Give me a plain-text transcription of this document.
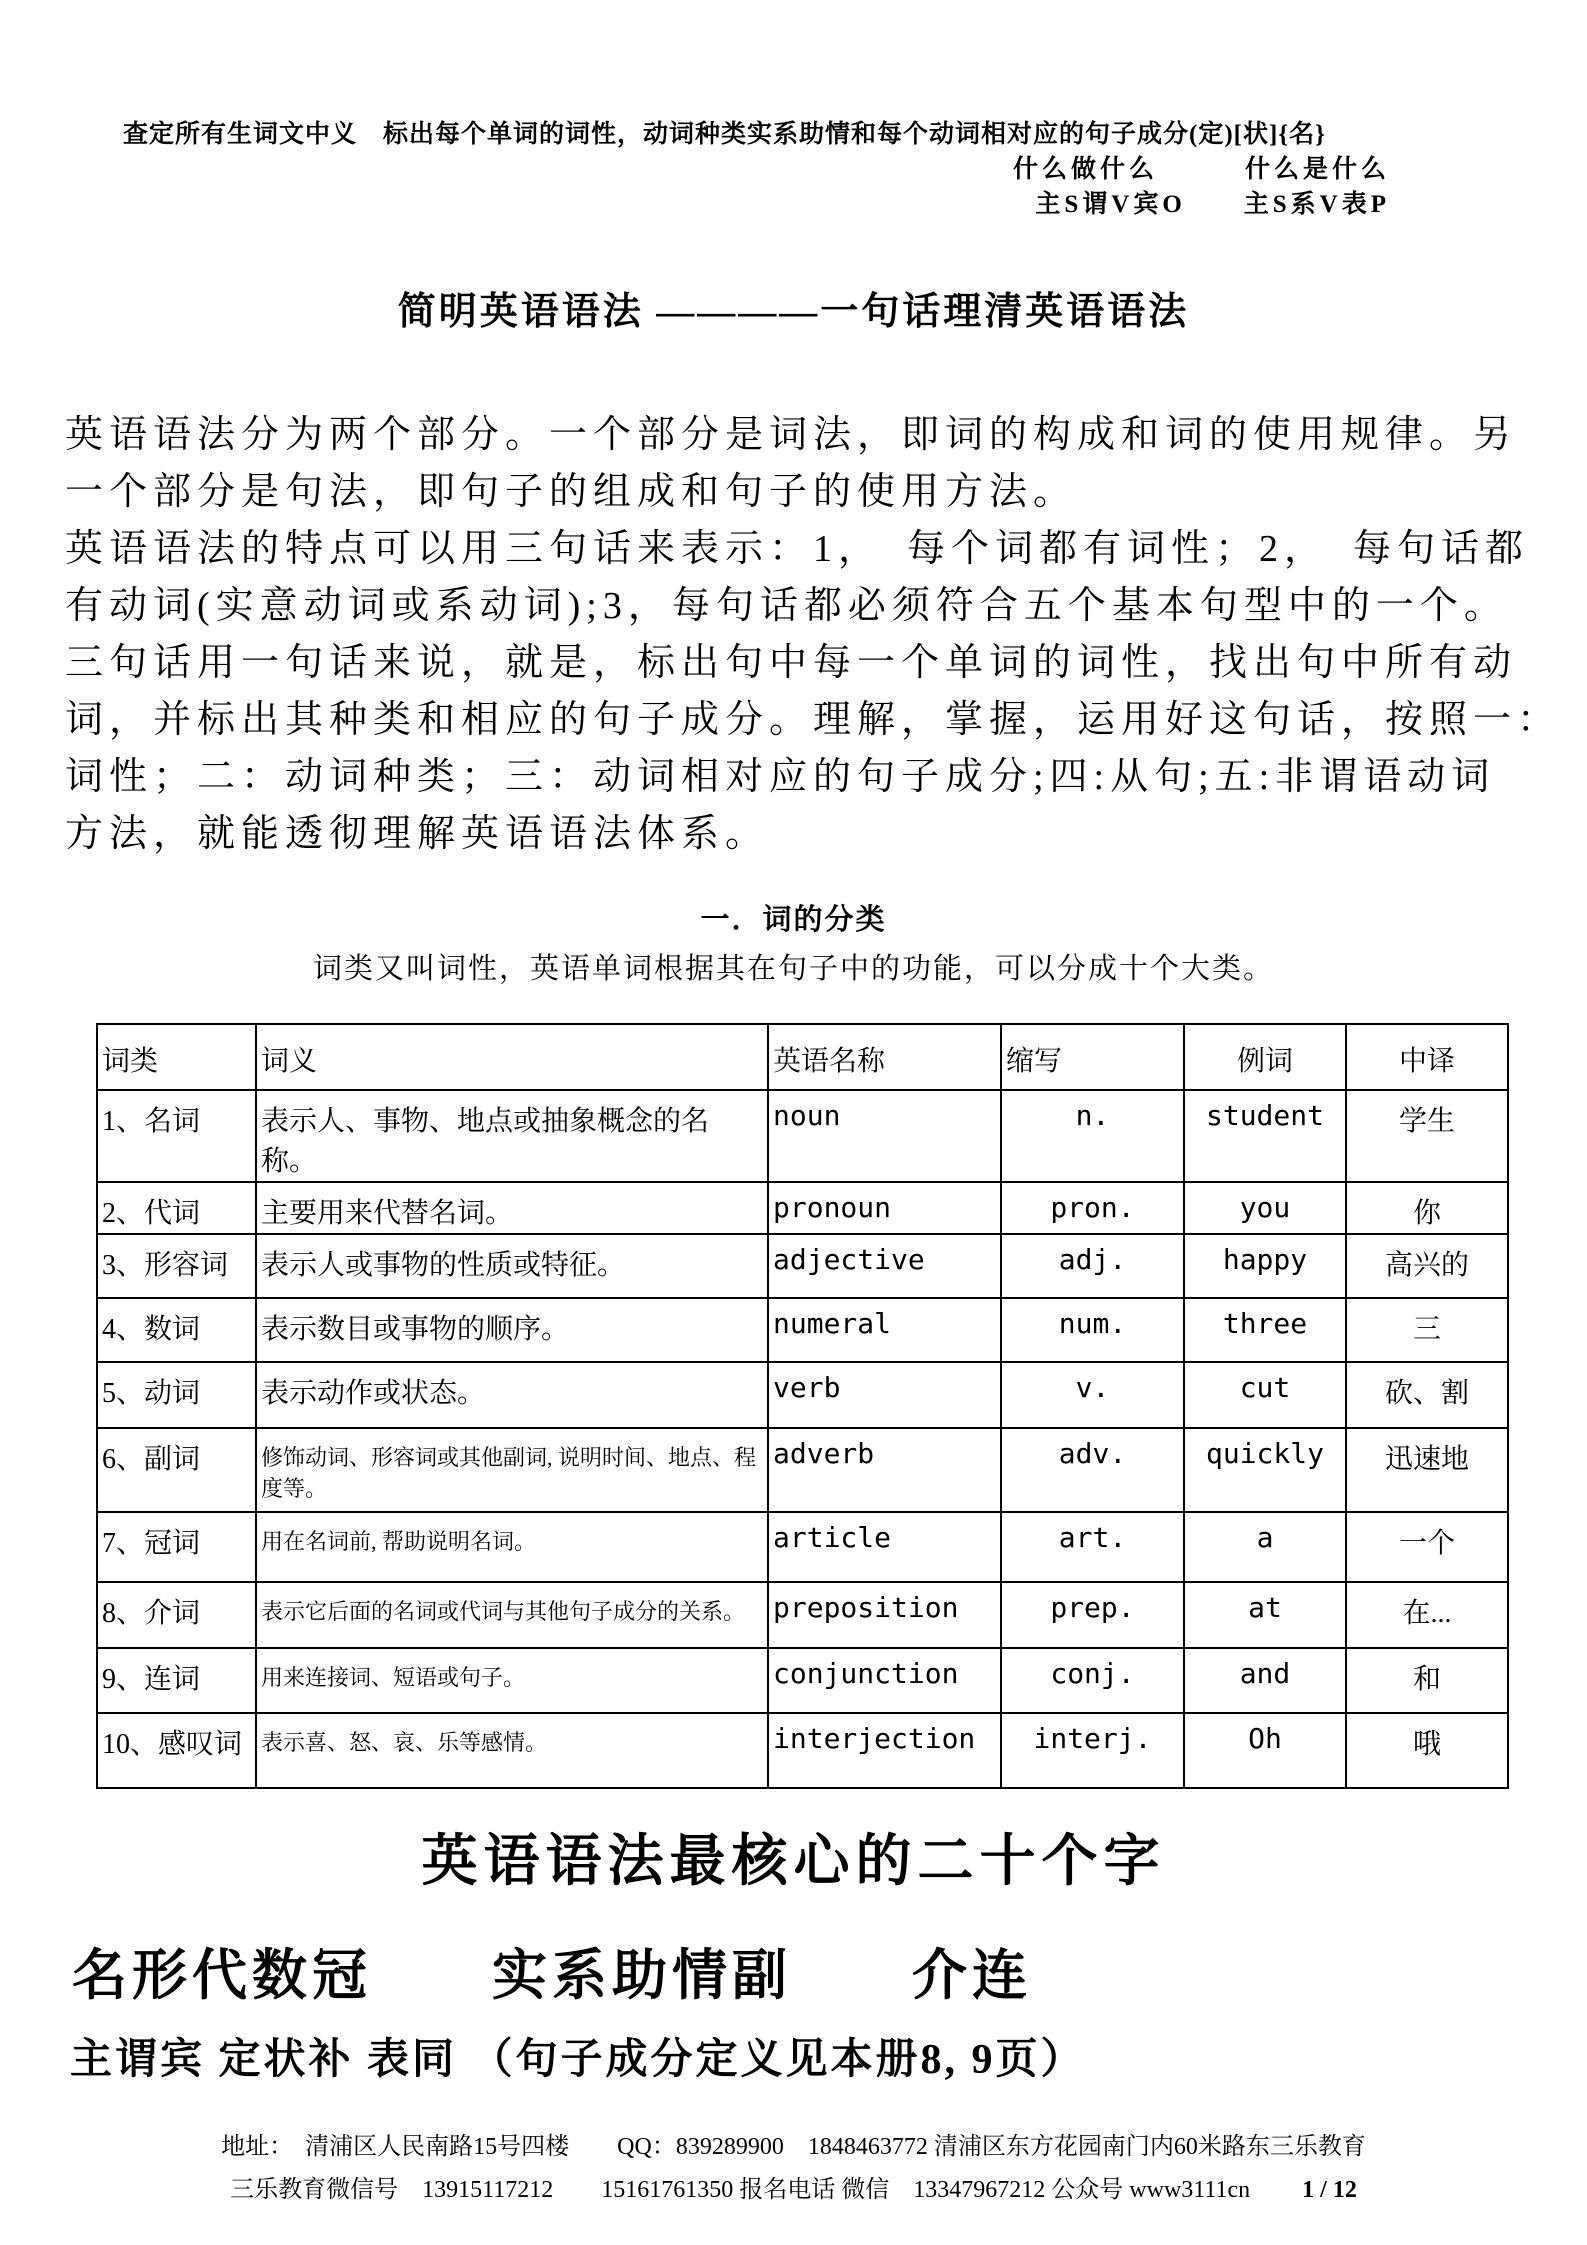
查定所有生词文中义　标出每个单词的词性，动词种类实系助情和每个动词相对应的句子成分(定)[状]{名}
什么做什么　　　什么是什么
主S谓V宾O　　主S系V表P
简明英语语法 ————一句话理清英语语法
英语语法分为两个部分。一个部分是词法，即词的构成和词的使用规律。另
一个部分是句法，即句子的组成和句子的使用方法。
英语语法的特点可以用三句话来表示：1，　每个词都有词性；2，　每句话都
有动词(实意动词或系动词);3，每句话都必须符合五个基本句型中的一个。
三句话用一句话来说，就是，标出句中每一个单词的词性，找出句中所有动
词，并标出其种类和相应的句子成分。理解，掌握，运用好这句话，按照一：
词性；二：动词种类；三：动词相对应的句子成分;四:从句;五:非谓语动词
方法，就能透彻理解英语语法体系。
一．词的分类
词类又叫词性，英语单词根据其在句子中的功能，可以分成十个大类。
词类	词义	英语名称	缩写	例词	中译
1、名词	表示人、事物、地点或抽象概念的名称。	noun	n.	student	学生
2、代词	主要用来代替名词。	pronoun	pron.	you	你
3、形容词	表示人或事物的性质或特征。	adjective	adj.	happy	高兴的
4、数词	表示数目或事物的顺序。	numeral	num.	three	三
5、动词	表示动作或状态。	verb	v.	cut	砍、割
6、副词	修饰动词、形容词或其他副词, 说明时间、地点、程度等。	adverb	adv.	quickly	迅速地
7、冠词	用在名词前, 帮助说明名词。	article	art.	a	一个
8、介词	表示它后面的名词或代词与其他句子成分的关系。	preposition	prep.	at	在...
9、连词	用来连接词、短语或句子。	conjunction	conj.	and	和
10、感叹词	表示喜、怒、哀、乐等感情。	interjection	interj.	Oh	哦
英语语法最核心的二十个字
名形代数冠　　实系助情副　　介连
主谓宾 定状补 表同 （句子成分定义见本册8, 9页）
地址：　清浦区人民南路15号四楼　　QQ：839289900　1848463772 清浦区东方花园南门内60米路东三乐教育
三乐教育微信号　13915117212　　15161761350 报名电话 微信　13347967212 公众号 www3111cn 1 / 12
